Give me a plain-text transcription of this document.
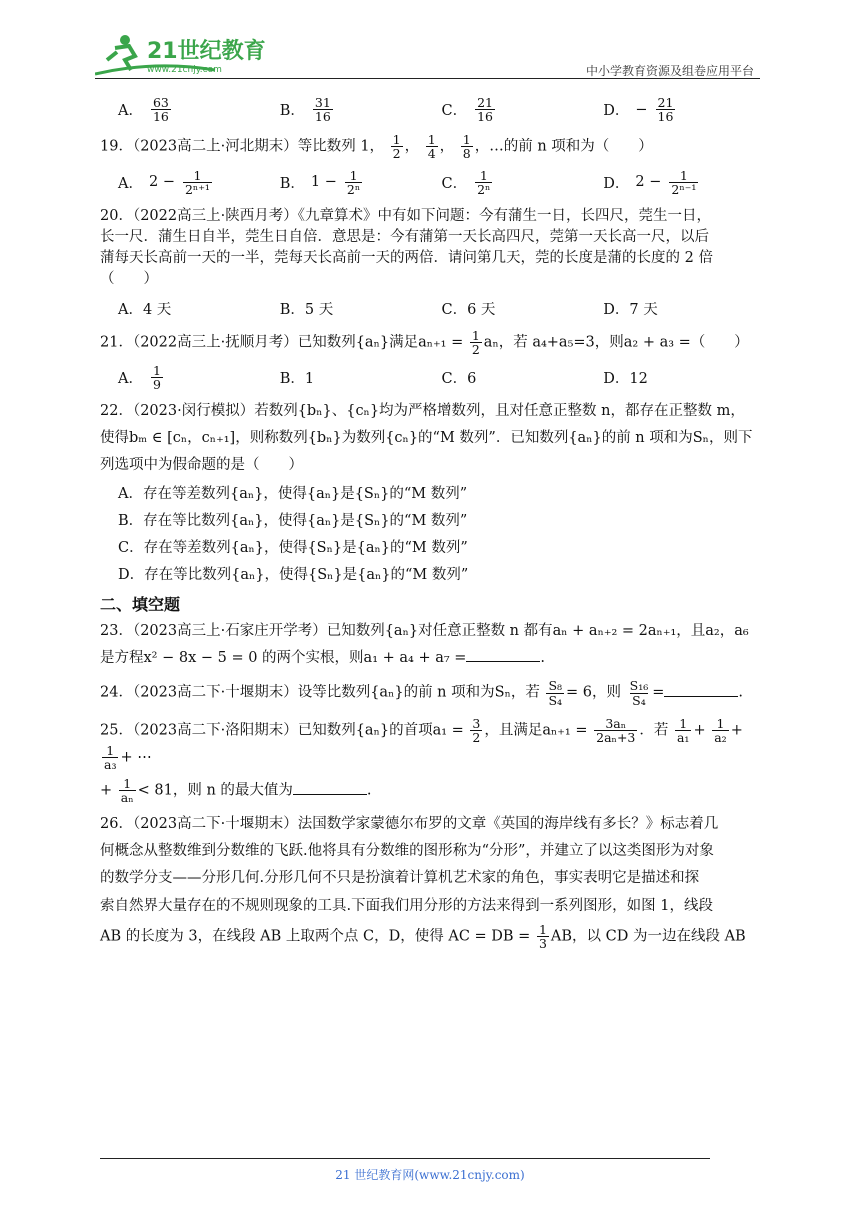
21世纪教育
www.21cnjy.com	中小学教育资源及组卷应用平台
A． $\frac{63}{16}$	B． $\frac{31}{16}$	C． $\frac{21}{16}$	D． − $\frac{21}{16}$

19．（2023高二上·河北期末）等比数列 1， $\frac{1}{2}$ ， $\frac{1}{4}$ ， $\frac{1}{8}$ ，…的前 n 项和为（　　）

A． $2 - \frac{1}{\text{2ⁿ⁺¹}}$	B． $1 - \frac{1}{\text{2ⁿ}}$	C． $\frac{1}{\text{2ⁿ}}$	D． $2 - \frac{1}{\text{2ⁿ⁻¹}}$

20．（2022高三上·陕西月考）《九章算术》中有如下问题：今有蒲生一日，长四尺，莞生一日，

长一尺．蒲生日自半，莞生日自倍．意思是：今有蒲第一天长高四尺，莞第一天长高一尺，以后

蒲每天长高前一天的一半，莞每天长高前一天的两倍．请问第几天，莞的长度是蒲的长度的 2 倍

（　　）

A．4 天	B．5 天	C．6 天	D．7 天

21．（2022高三上·抚顺月考）已知数列{aₙ}满足$a_{n+1} = \frac{1}{2}$ aₙ，若 a₄+a₅=3，则a₂ + a₃ =（　　）

A． $\frac{1}{9}$	B．1	C．6	D．12

22．（2023·闵行模拟）若数列{bₙ}、{cₙ}均为严格增数列，且对任意正整数 n，都存在正整数 m，

使得bₘ ∈ [cₙ，cₙ₊₁]，则称数列{bₙ}为数列{cₙ}的“M 数列”．已知数列{aₙ}的前 n 项和为Sₙ，则下

列选项中为假命题的是（　　）

A．存在等差数列{aₙ}，使得{aₙ}是{Sₙ}的“M 数列”

B．存在等比数列{aₙ}，使得{aₙ}是{Sₙ}的“M 数列”

C．存在等差数列{aₙ}，使得{Sₙ}是{aₙ}的“M 数列”

D．存在等比数列{aₙ}，使得{Sₙ}是{aₙ}的“M 数列”

二、填空题

23．（2023高三上·石家庄开学考）已知数列{aₙ}对任意正整数 n 都有aₙ + aₙ₊₂ = 2aₙ₊₁，且a₂，a₆

是方程x² − 8x − 5 = 0 的两个实根，则a₁ + a₄ + a₇ =	.

24．（2023高二下·十堰期末）设等比数列{aₙ}的前 n 项和为Sₙ，若 $\frac{\text{S₈}}{\text{S₄}} = 6$，则 $\frac{\text{S₁₆}}{\text{S₄}}$ =	.

25．（2023高二下·洛阳期末）已知数列{aₙ}的首项$a_1 = \frac{3}{2}$ ，且满足$a_{n+1} = \frac{\text{3aₙ}}{\text{2aₙ+3}}$ ．若 $\frac{1}{\text{a₁}} + \frac{1}{\text{a₂}}$ +
$\frac{1}{\text{a₃}}$ + ⋯

+ $\frac{1}{\text{aₙ}} < 81$，则 n 的最大值为	.

26．（2023高二下·十堰期末）法国数学家蒙德尔布罗的文章《英国的海岸线有多长？》标志着几

何概念从整数维到分数维的飞跃.他将具有分数维的图形称为“分形”，并建立了以这类图形为对象

的数学分支——分形几何.分形几何不只是扮演着计算机艺术家的角色，事实表明它是描述和探

索自然界大量存在的不规则现象的工具.下面我们用分形的方法来得到一系列图形，如图 1，线段

AB 的长度为 3，在线段 AB 上取两个点 C，D，使得 AC = DB = $\frac{1}{3}$ AB，以 CD 为一边在线段 AB

21 世纪教育网(www.21cnjy.com)
